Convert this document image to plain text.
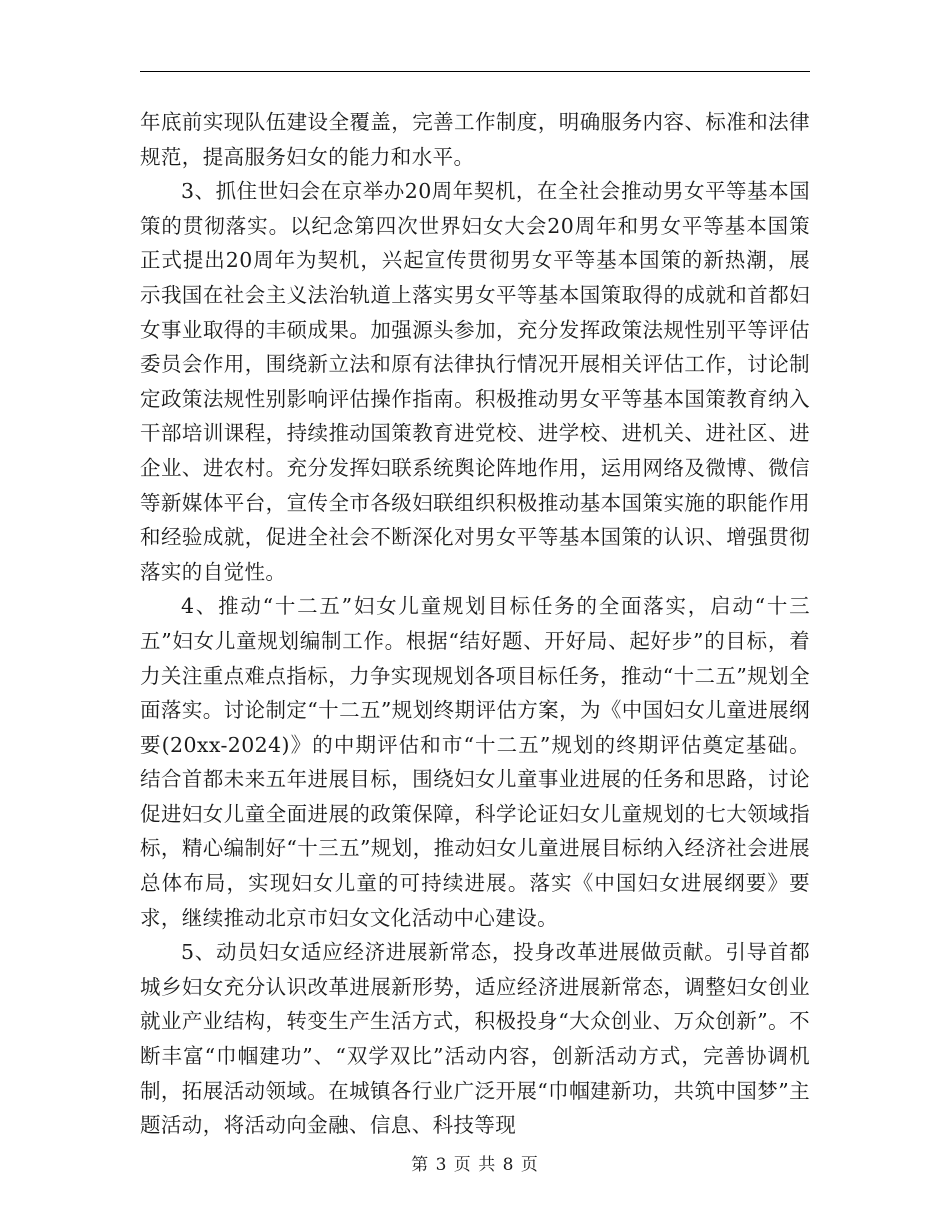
年底前实现队伍建设全覆盖，完善工作制度，明确服务内容、标准和法律规范，提高服务妇女的能力和水平。

3、抓住世妇会在京举办20周年契机，在全社会推动男女平等基本国策的贯彻落实。以纪念第四次世界妇女大会20周年和男女平等基本国策正式提出20周年为契机，兴起宣传贯彻男女平等基本国策的新热潮，展示我国在社会主义法治轨道上落实男女平等基本国策取得的成就和首都妇女事业取得的丰硕成果。加强源头参加，充分发挥政策法规性别平等评估委员会作用，围绕新立法和原有法律执行情况开展相关评估工作，讨论制定政策法规性别影响评估操作指南。积极推动男女平等基本国策教育纳入干部培训课程，持续推动国策教育进党校、进学校、进机关、进社区、进企业、进农村。充分发挥妇联系统舆论阵地作用，运用网络及微博、微信等新媒体平台，宣传全市各级妇联组织积极推动基本国策实施的职能作用和经验成就，促进全社会不断深化对男女平等基本国策的认识、增强贯彻落实的自觉性。

4、推动“十二五”妇女儿童规划目标任务的全面落实，启动“十三五”妇女儿童规划编制工作。根据“结好题、开好局、起好步”的目标，着力关注重点难点指标，力争实现规划各项目标任务，推动“十二五”规划全面落实。讨论制定“十二五”规划终期评估方案，为《中国妇女儿童进展纲要(20xx-2024)》的中期评估和市“十二五”规划的终期评估奠定基础。结合首都未来五年进展目标，围绕妇女儿童事业进展的任务和思路，讨论促进妇女儿童全面进展的政策保障，科学论证妇女儿童规划的七大领域指标，精心编制好“十三五”规划，推动妇女儿童进展目标纳入经济社会进展总体布局，实现妇女儿童的可持续进展。落实《中国妇女进展纲要》要求，继续推动北京市妇女文化活动中心建设。

5、动员妇女适应经济进展新常态，投身改革进展做贡献。引导首都城乡妇女充分认识改革进展新形势，适应经济进展新常态，调整妇女创业就业产业结构，转变生产生活方式，积极投身“大众创业、万众创新”。不断丰富“巾帼建功”、“双学双比”活动内容，创新活动方式，完善协调机制，拓展活动领域。在城镇各行业广泛开展“巾帼建新功，共筑中国梦”主题活动，将活动向金融、信息、科技等现

第 3 页 共 8 页
